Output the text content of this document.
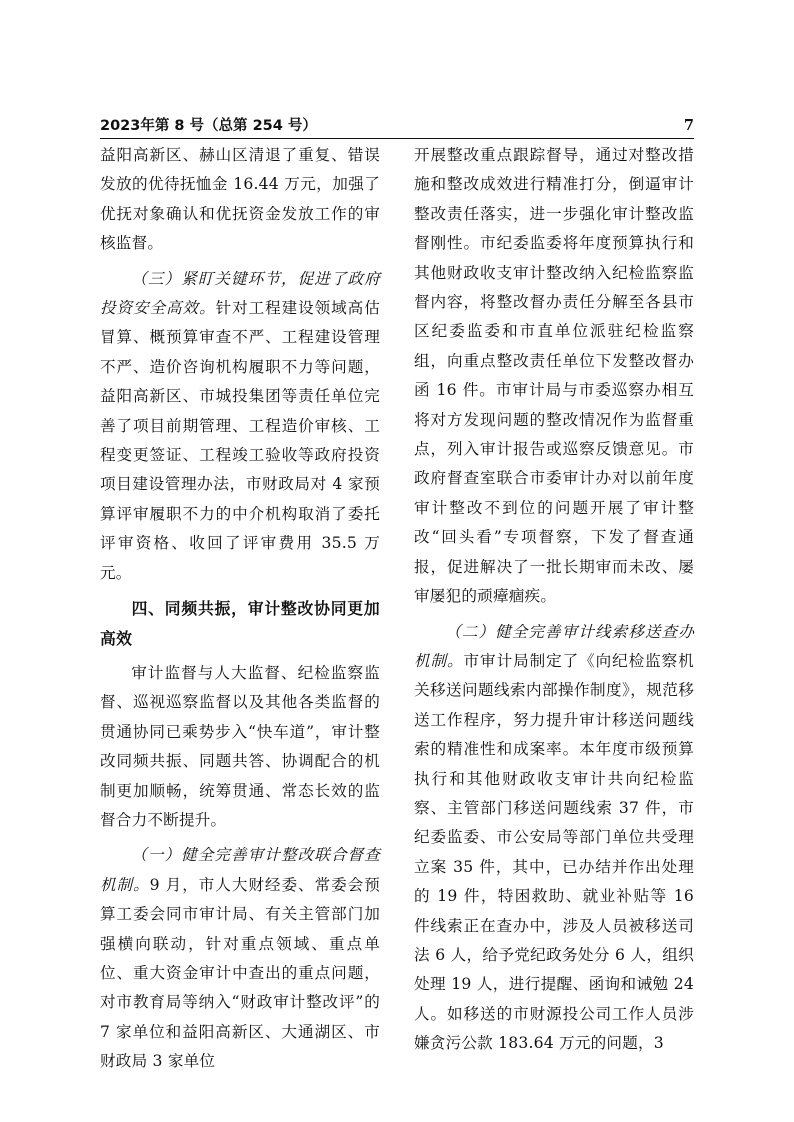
2023年第 8 号（总第 254 号）	7

益阳高新区、赫山区清退了重复、错误发放的优待抚恤金 16.44 万元，加强了优抚对象确认和优抚资金发放工作的审核监督。

（三）紧盯关键环节，促进了政府投资安全高效。针对工程建设领域高估冒算、概预算审查不严、工程建设管理不严、造价咨询机构履职不力等问题，益阳高新区、市城投集团等责任单位完善了项目前期管理、工程造价审核、工程变更签证、工程竣工验收等政府投资项目建设管理办法，市财政局对 4 家预算评审履职不力的中介机构取消了委托评审资格、收回了评审费用 35.5 万元。

四、同频共振，审计整改协同更加高效

审计监督与人大监督、纪检监察监督、巡视巡察监督以及其他各类监督的贯通协同已乘势步入“快车道”，审计整改同频共振、同题共答、协调配合的机制更加顺畅，统筹贯通、常态长效的监督合力不断提升。

（一）健全完善审计整改联合督查机制。9 月，市人大财经委、常委会预算工委会同市审计局、有关主管部门加强横向联动，针对重点领域、重点单位、重大资金审计中查出的重点问题，对市教育局等纳入“财政审计整改评”的 7 家单位和益阳高新区、大通湖区、市财政局 3 家单位

开展整改重点跟踪督导，通过对整改措施和整改成效进行精准打分，倒逼审计整改责任落实，进一步强化审计整改监督刚性。市纪委监委将年度预算执行和其他财政收支审计整改纳入纪检监察监督内容，将整改督办责任分解至各县市区纪委监委和市直单位派驻纪检监察组，向重点整改责任单位下发整改督办函 16 件。市审计局与市委巡察办相互将对方发现问题的整改情况作为监督重点，列入审计报告或巡察反馈意见。市政府督查室联合市委审计办对以前年度审计整改不到位的问题开展了审计整改“回头看”专项督察，下发了督查通报，促进解决了一批长期审而未改、屡审屡犯的顽瘴痼疾。

（二）健全完善审计线索移送查办机制。市审计局制定了《向纪检监察机关移送问题线索内部操作制度》，规范移送工作程序，努力提升审计移送问题线索的精准性和成案率。本年度市级预算执行和其他财政收支审计共向纪检监察、主管部门移送问题线索 37 件，市纪委监委、市公安局等部门单位共受理立案 35 件，其中，已办结并作出处理的 19 件，特困救助、就业补贴等 16 件线索正在查办中，涉及人员被移送司法 6 人，给予党纪政务处分 6 人，组织处理 19 人，进行提醒、函询和诫勉 24 人。如移送的市财源投公司工作人员涉嫌贪污公款 183.64 万元的问题，3
